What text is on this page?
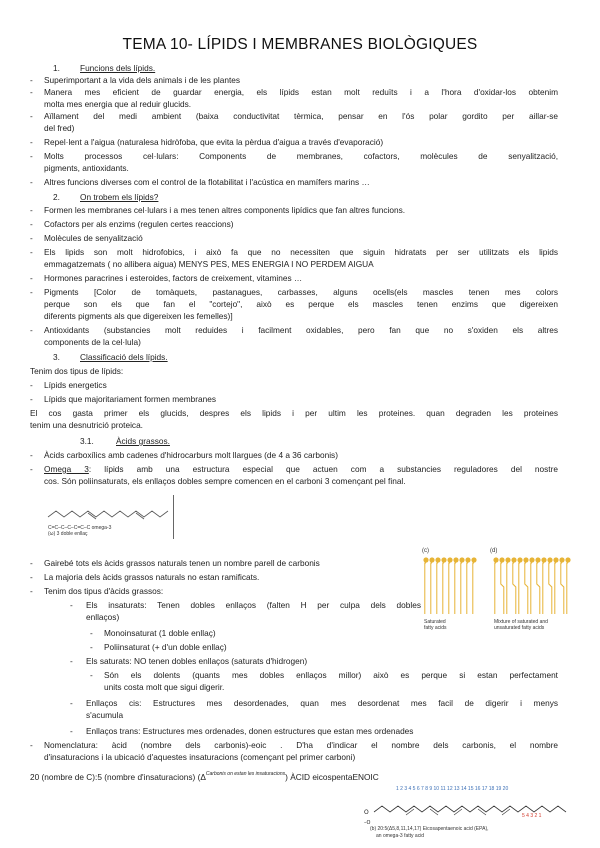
TEMA 10- LÍPIDS I MEMBRANES BIOLÒGIQUES
1. Funcions dels lípids.
- Superimportant a la vida dels animals i de les plantes
- Manera mes eficient de guardar energia, els lípids estan molt reduïts i a l'hora d'oxidar-los obtenim
molta mes energia que al reduir glucids.
- Aïllament del medi ambient (baixa conductivitat tèrmica, pensar en l'ós polar gordito per aillar-se
del fred)
- Repel·lent a l'aigua (naturalesa hidròfoba, que evita la pèrdua d'aigua a través d'evaporació)
- Molts processos cel·lulars: Components de membranes, cofactors, molècules de senyalització,
pigments, antioxidants.
- Altres funcions diverses com el control de la flotabilitat i l'acústica en mamífers marins …
2. On trobem els lípids?
- Formen les membranes cel·lulars i a mes tenen altres components lipídics que fan altres funcions.
- Cofactors per als enzims (regulen certes reaccions)
- Molècules de senyalització
- Els lipids son molt hidrofobics, i això fa que no necessiten que siguin hidratats per ser utilitzats els lipids
emmagatzemats ( no allibera aigua) MENYS PES, MES ENERGIA I NO PERDEM AIGUA
- Hormones paracrines i esteroides, factors de creixement, vitamines …
- Pigments [Color de tomàquets, pastanagues, carbasses, alguns ocells(els mascles tenen mes colors
perque son els que fan el "cortejo", això es perque els mascles tenen enzims que digereixen
diferents pigments als que digereixen les femelles)]
- Antioxidants (substancies molt reduides i facilment oxidables, pero fan que no s'oxiden els altres
components de la cel·lula)
3. Classificació dels lípids.
Tenim dos tipus de lípids:
- Lípids energetics
- Lípids que majoritariament formen membranes
El cos gasta primer els glucids, despres els lipids i per ultim les proteines. quan degraden les proteines
tenim una desnutrició proteica.
3.1.	Àcids grassos.
- Àcids carboxílics amb cadenes d'hidrocarburs molt llargues (de 4 a 36 carbonis)
- Omega 3: lípids amb una estructura especial que actuen com a substancies reguladores del nostre
cos. Són poliinsaturats, els enllaços dobles sempre comencen en el carboni 3 començant pel final.
C=C–C–C–C=C–C omega-3
(ω) 3 doble enllaç
- Gairebé tots els àcids grassos naturals tenen un nombre parell de carbonis
- La majoria dels àcids grassos naturals no estan ramificats.
- Tenim dos tipus d'àcids grassos:
- Els insaturats: Tenen dobles enllaços (falten H per culpa dels dobles
enllaços)
- Monoinsaturat (1 doble enllaç)
- Poliinsaturat (+ d'un doble enllaç)
- Els saturats: NO tenen dobles enllaços (saturats d'hidrogen)
- Són els dolents (quants mes dobles enllaços millor) això es perque si estan perfectament
units costa molt que sigui digerir.
- Enllaços cis: Estructures mes desordenades, quan mes desordenat mes facil de digerir i menys
s'acumula
- Enllaços trans: Estructures mes ordenades, donen estructures que estan mes ordenades
- Nomenclatura: àcid (nombre dels carbonis)-eoic . D'ha d'indicar el nombre dels carbonis, el nombre
d'insaturacions i la ubicació d'aquestes insaturacions (començant pel primer carboni)
20 (nombre de C):5 (nombre d'insaturacions) $(\Delta^{Carbonis on estan les insaturacions})$ ÀCID eicospentaENOIC
(c)	(d)
Saturated
fatty acids
Mixture of saturated and
unsaturated fatty acids
1 2 3 4 5 6 7 8 9 10 11 12 13 14 15 16 17 18 19 20
O
–O
5 4 3 2 1
(b) 20:5(Δ5,8,11,14,17) Eicosapentaenoic acid (EPA),
an omega-3 fatty acid
